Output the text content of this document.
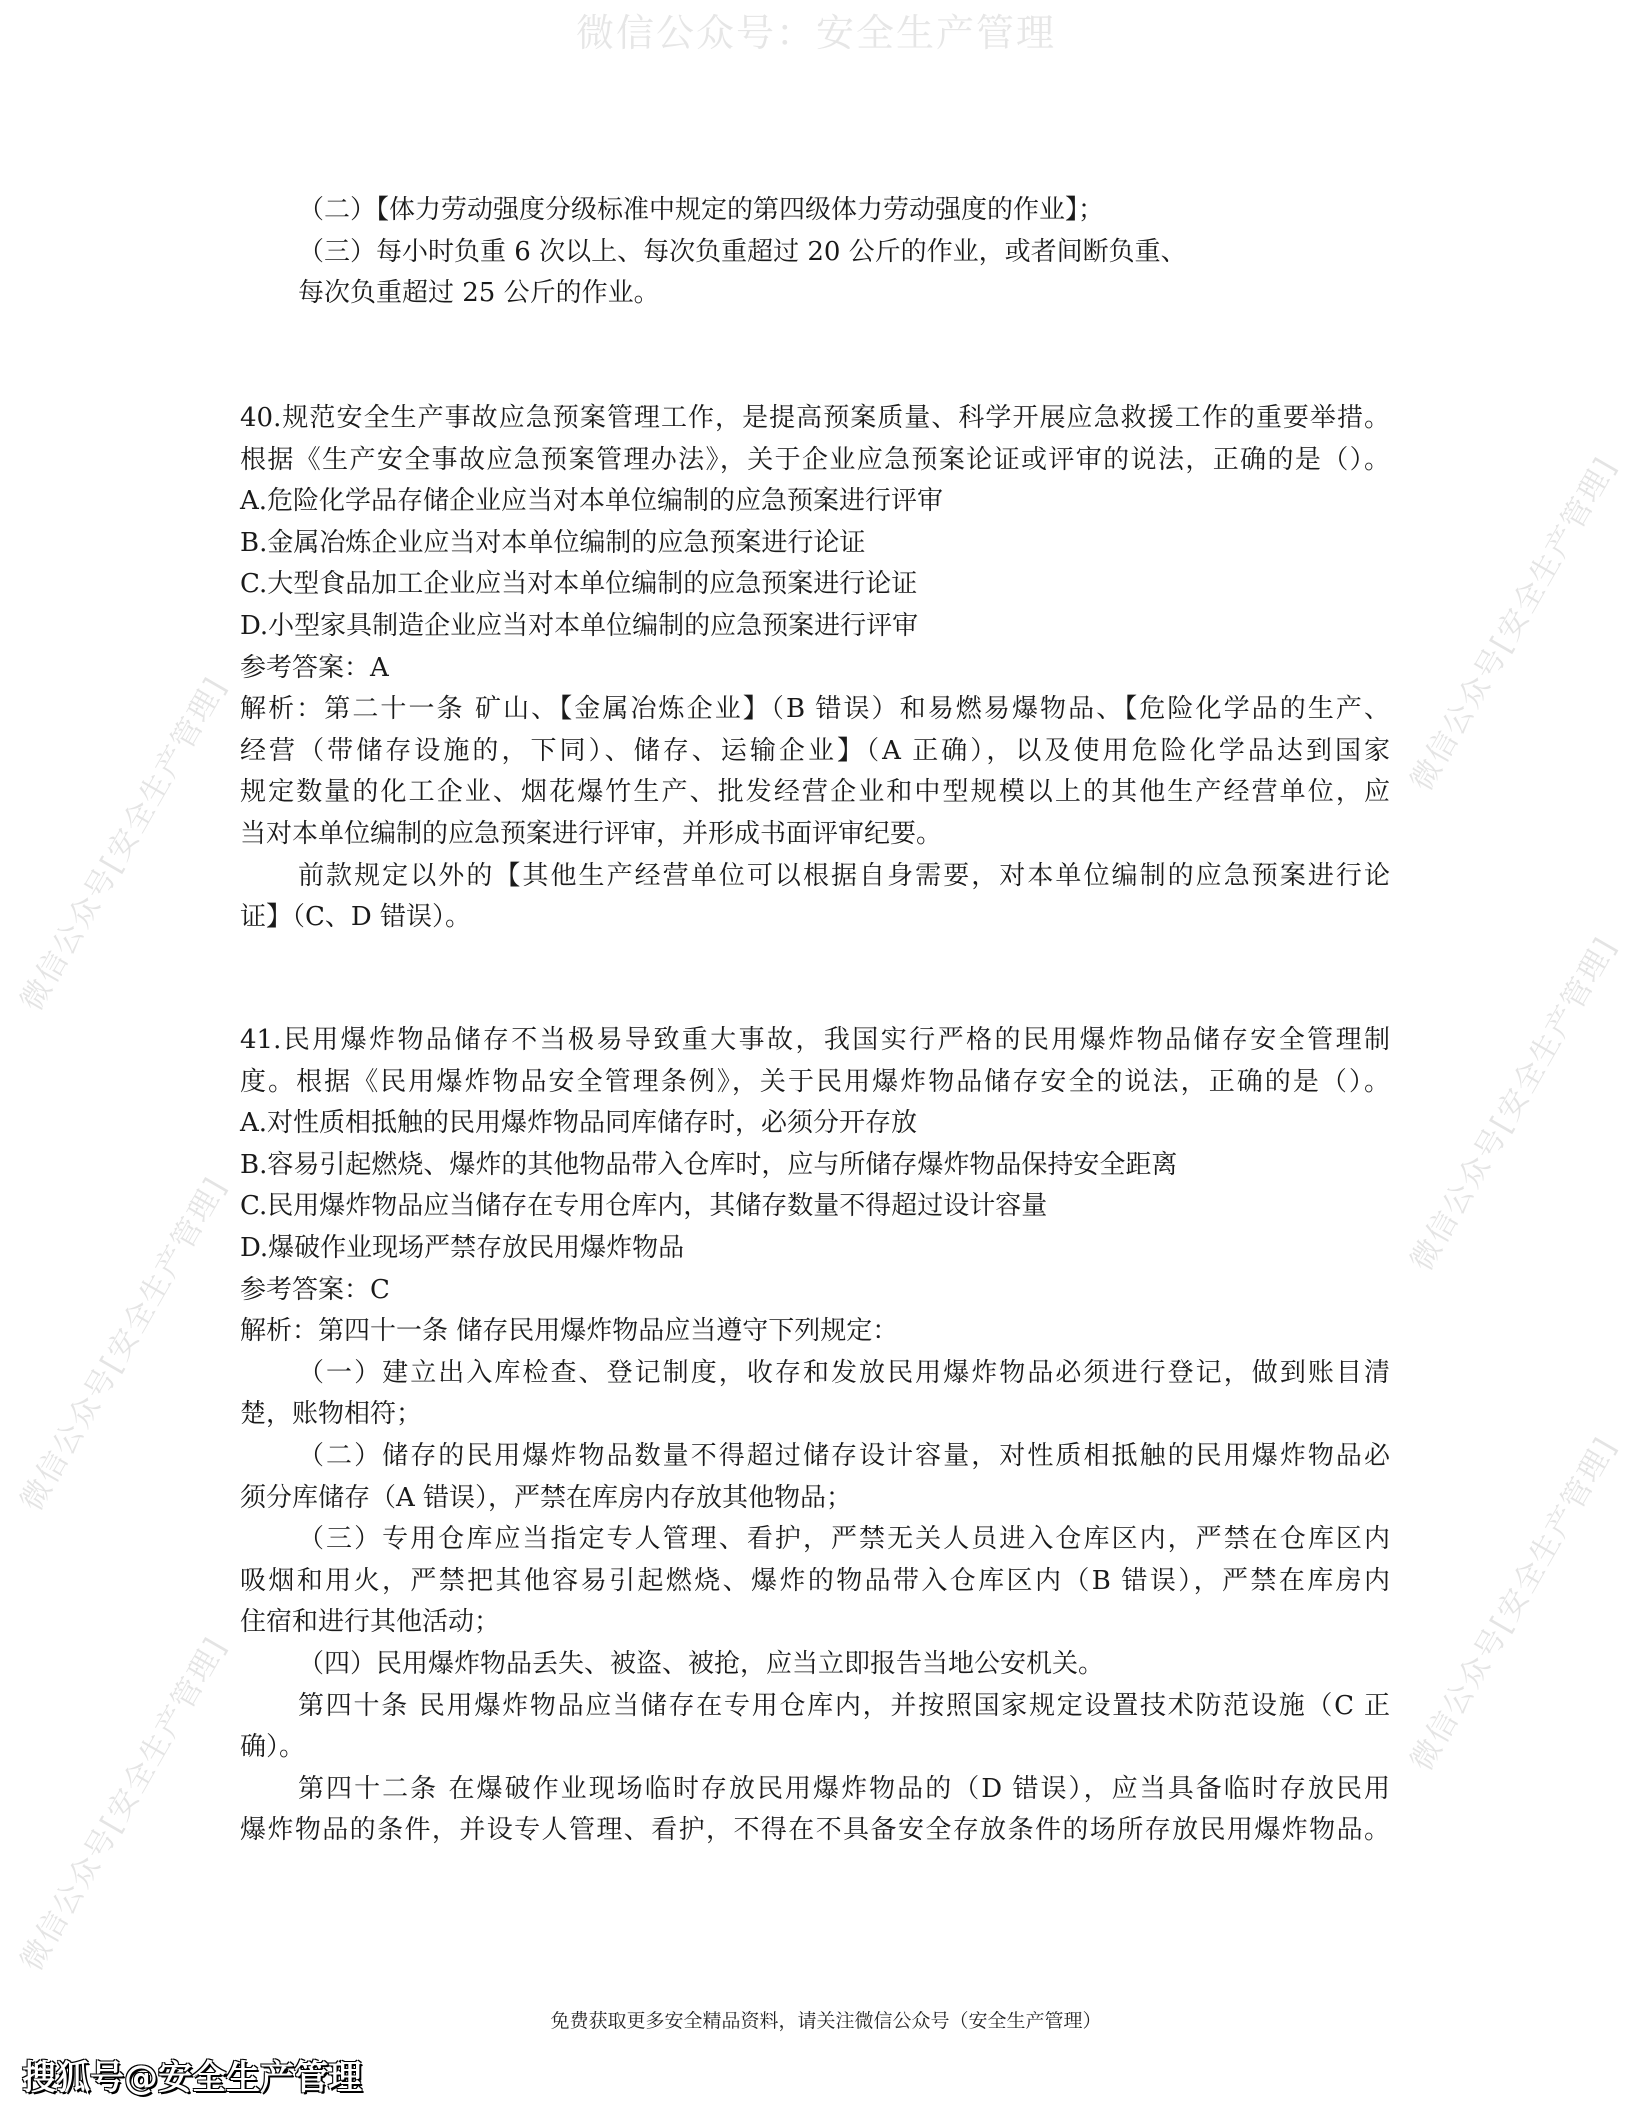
微信公众号：安全生产管理
微信公众号[安全生产管理]
微信公众号[安全生产管理]
微信公众号[安全生产管理]
微信公众号[安全生产管理]
微信公众号[安全生产管理]
微信公众号[安全生产管理]
（二）【体力劳动强度分级标准中规定的第四级体力劳动强度的作业】；
（三）每小时负重 6 次以上、每次负重超过 20 公斤的作业，或者间断负重、
每次负重超过 25 公斤的作业。
40.规范安全生产事故应急预案管理工作，是提高预案质量、科学开展应急救援工作的重要举措。
根据《生产安全事故应急预案管理办法》，关于企业应急预案论证或评审的说法，正确的是（）。
A.危险化学品存储企业应当对本单位编制的应急预案进行评审
B.金属冶炼企业应当对本单位编制的应急预案进行论证
C.大型食品加工企业应当对本单位编制的应急预案进行论证
D.小型家具制造企业应当对本单位编制的应急预案进行评审
参考答案：A
解析：第二十一条 矿山、【金属冶炼企业】（B 错误）和易燃易爆物品、【危险化学品的生产、
经营（带储存设施的，下同）、储存、运输企业】（A 正确），以及使用危险化学品达到国家
规定数量的化工企业、烟花爆竹生产、批发经营企业和中型规模以上的其他生产经营单位，应
当对本单位编制的应急预案进行评审，并形成书面评审纪要。
前款规定以外的【其他生产经营单位可以根据自身需要，对本单位编制的应急预案进行论
证】（C、D 错误）。
41.民用爆炸物品储存不当极易导致重大事故，我国实行严格的民用爆炸物品储存安全管理制
度。根据《民用爆炸物品安全管理条例》，关于民用爆炸物品储存安全的说法，正确的是（）。
A.对性质相抵触的民用爆炸物品同库储存时，必须分开存放
B.容易引起燃烧、爆炸的其他物品带入仓库时，应与所储存爆炸物品保持安全距离
C.民用爆炸物品应当储存在专用仓库内，其储存数量不得超过设计容量
D.爆破作业现场严禁存放民用爆炸物品
参考答案：C
解析：第四十一条 储存民用爆炸物品应当遵守下列规定：
（一）建立出入库检查、登记制度，收存和发放民用爆炸物品必须进行登记，做到账目清
楚，账物相符；
（二）储存的民用爆炸物品数量不得超过储存设计容量，对性质相抵触的民用爆炸物品必
须分库储存（A 错误），严禁在库房内存放其他物品；
（三）专用仓库应当指定专人管理、看护，严禁无关人员进入仓库区内，严禁在仓库区内
吸烟和用火，严禁把其他容易引起燃烧、爆炸的物品带入仓库区内（B 错误），严禁在库房内
住宿和进行其他活动；
（四）民用爆炸物品丢失、被盗、被抢，应当立即报告当地公安机关。
第四十条 民用爆炸物品应当储存在专用仓库内，并按照国家规定设置技术防范设施（C 正
确）。
第四十二条 在爆破作业现场临时存放民用爆炸物品的（D 错误），应当具备临时存放民用
爆炸物品的条件，并设专人管理、看护，不得在不具备安全存放条件的场所存放民用爆炸物品。
免费获取更多安全精品资料，请关注微信公众号（安全生产管理）
搜狐号@安全生产管理
